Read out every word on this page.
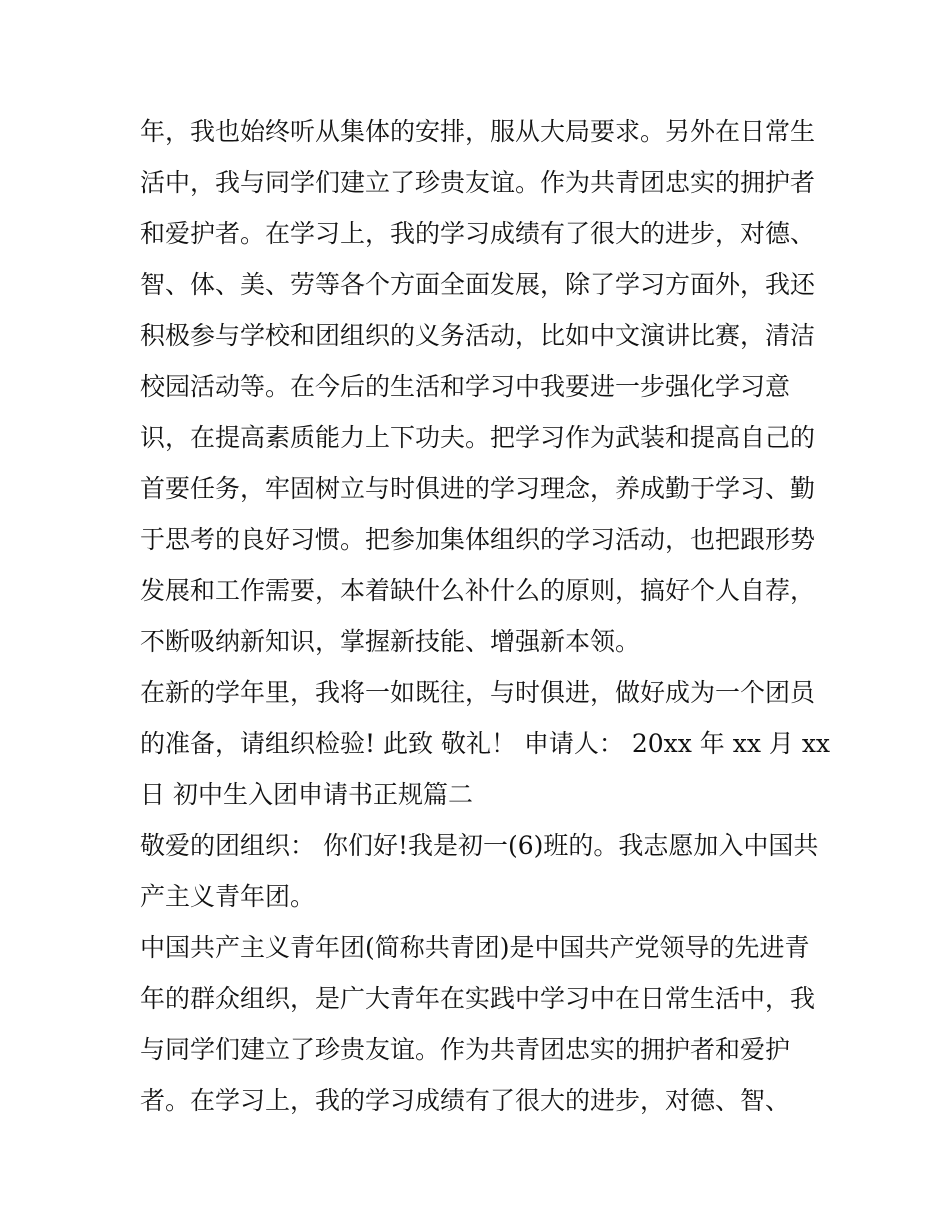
年，我也始终听从集体的安排，服从大局要求。另外在日常生
活中，我与同学们建立了珍贵友谊。作为共青团忠实的拥护者
和爱护者。在学习上，我的学习成绩有了很大的进步，对德、
智、体、美、劳等各个方面全面发展，除了学习方面外，我还
积极参与学校和团组织的义务活动，比如中文演讲比赛，清洁
校园活动等。在今后的生活和学习中我要进一步强化学习意
识，在提高素质能力上下功夫。把学习作为武装和提高自己的
首要任务，牢固树立与时俱进的学习理念，养成勤于学习、勤
于思考的良好习惯。把参加集体组织的学习活动，也把跟形势
发展和工作需要，本着缺什么补什么的原则，搞好个人自荐，
不断吸纳新知识，掌握新技能、增强新本领。
在新的学年里，我将一如既往，与时俱进，做好成为一个团员
的准备，请组织检验! 此致 敬礼！ 申请人： 20xx 年 xx 月 xx
日 初中生入团申请书正规篇二
敬爱的团组织： 你们好!我是初一(6)班的。我志愿加入中国共
产主义青年团。
中国共产主义青年团(简称共青团)是中国共产党领导的先进青
年的群众组织，是广大青年在实践中学习中在日常生活中，我
与同学们建立了珍贵友谊。作为共青团忠实的拥护者和爱护
者。在学习上，我的学习成绩有了很大的进步，对德、智、
